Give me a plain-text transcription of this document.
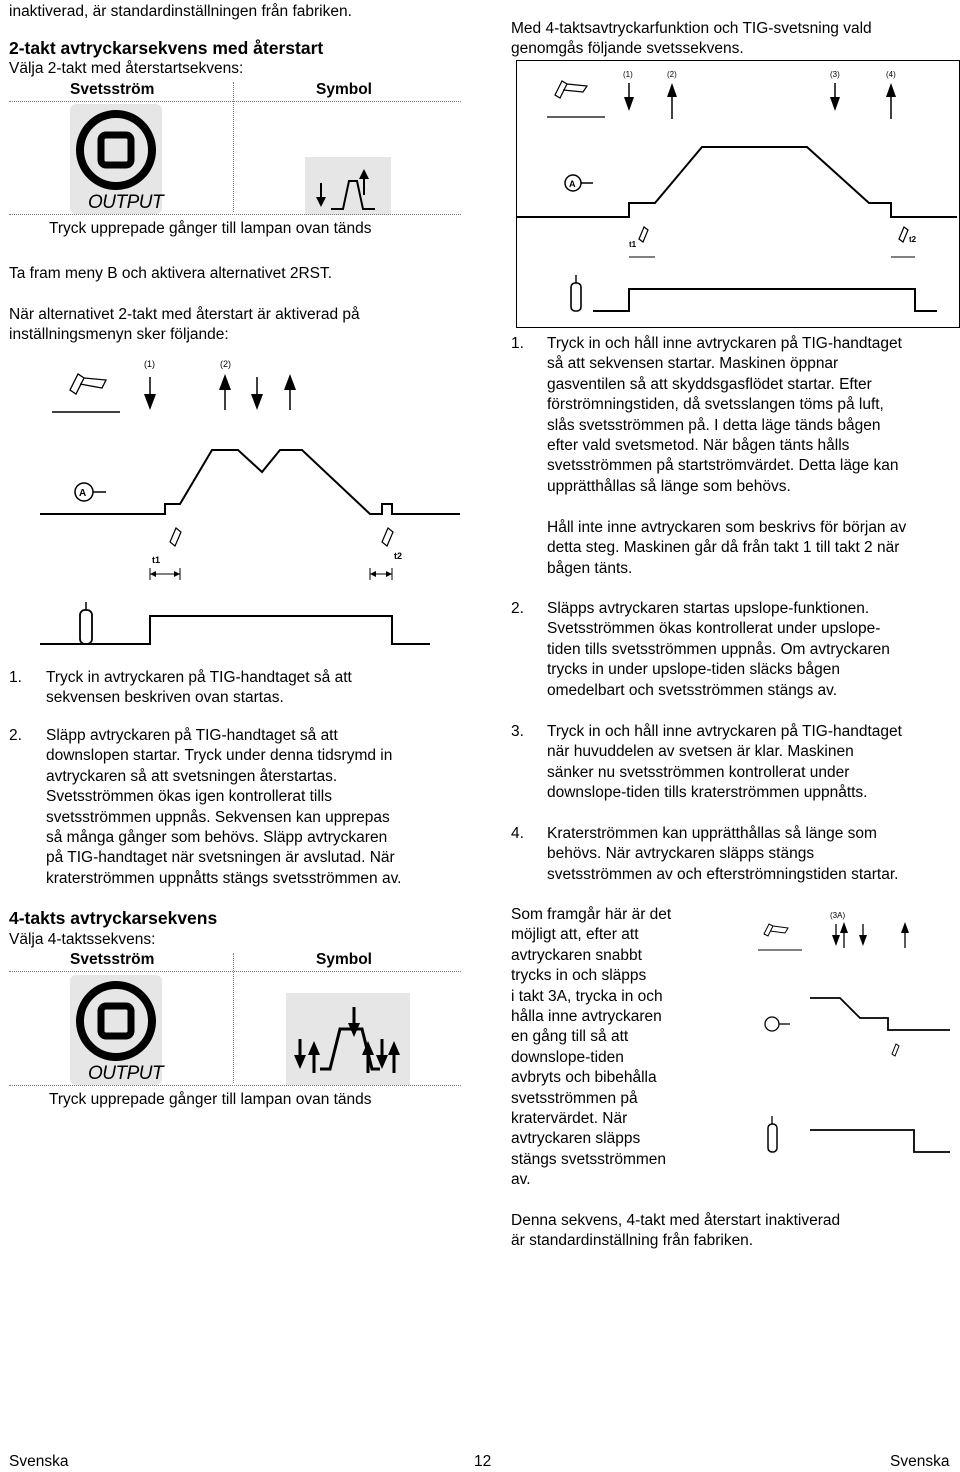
inaktiverad, är standardinställningen från fabriken.
2-takt avtryckarsekvens med återstart
Välja 2-takt med återstartsekvens:
Svetsström	Symbol
OUTPUT
Tryck upprepade gånger till lampan ovan tänds
Ta fram meny B och aktivera alternativet 2RST.
När alternativet 2-takt med återstart är aktiverad på
inställningsmenyn sker följande:
(1)	(2)
A
t1	t2
1.	Tryck in avtryckaren på TIG-handtaget så att

sekvensen beskriven ovan startas.

2.	Släpp avtryckaren på TIG-handtaget så att

downslopen startar. Tryck under denna tidsrymd in

avtryckaren så att svetsningen återstartas.

Svetsströmmen ökas igen kontrollerat tills

svetsströmmen uppnås. Sekvensen kan upprepas

så många gånger som behövs. Släpp avtryckaren

på TIG-handtaget när svetsningen är avslutad. När

kraterströmmen uppnåtts stängs svetsströmmen av.

4-takts avtryckarsekvens
Välja 4-taktssekvens:
Svetsström	Symbol
OUTPUT
Tryck upprepade gånger till lampan ovan tänds
Med 4-taktsavtryckarfunktion och TIG-svetsning vald
genomgås följande svetssekvens.
(1)	(2)	(3)	(4)
A
t1
t2
1.	Tryck in och håll inne avtryckaren på TIG-handtaget

så att sekvensen startar. Maskinen öppnar

gasventilen så att skyddsgasflödet startar. Efter

förströmningstiden, då svetsslangen töms på luft,

slås svetsströmmen på. I detta läge tänds bågen

efter vald svetsmetod. När bågen tänts hålls

svetsströmmen på startströmvärdet. Detta läge kan

upprätthållas så länge som behövs.

Håll inte inne avtryckaren som beskrivs för början av

detta steg. Maskinen går då från takt 1 till takt 2 när

bågen tänts.

2.	Släpps avtryckaren startas upslope-funktionen.

Svetsströmmen ökas kontrollerat under upslope-

tiden tills svetsströmmen uppnås. Om avtryckaren

trycks in under upslope-tiden släcks bågen

omedelbart och svetsströmmen stängs av.

3.	Tryck in och håll inne avtryckaren på TIG-handtaget

när huvuddelen av svetsen är klar. Maskinen

sänker nu svetsströmmen kontrollerat under

downslope-tiden tills kraterströmmen uppnåtts.

4.	Kraterströmmen kan upprätthållas så länge som

behövs. När avtryckaren släpps stängs

svetsströmmen av och efterströmningstiden startar.

Som framgår här är det

möjligt att, efter att

avtryckaren snabbt

trycks in och släpps

i takt 3A, trycka in och

hålla inne avtryckaren

en gång till så att

downslope-tiden

avbryts och bibehålla

svetsströmmen på

kratervärdet. När

avtryckaren släpps

stängs svetsströmmen

av.

(3A)
Denna sekvens, 4-takt med återstart inaktiverad
är standardinställning från fabriken.
Svenska	12	Svenska
